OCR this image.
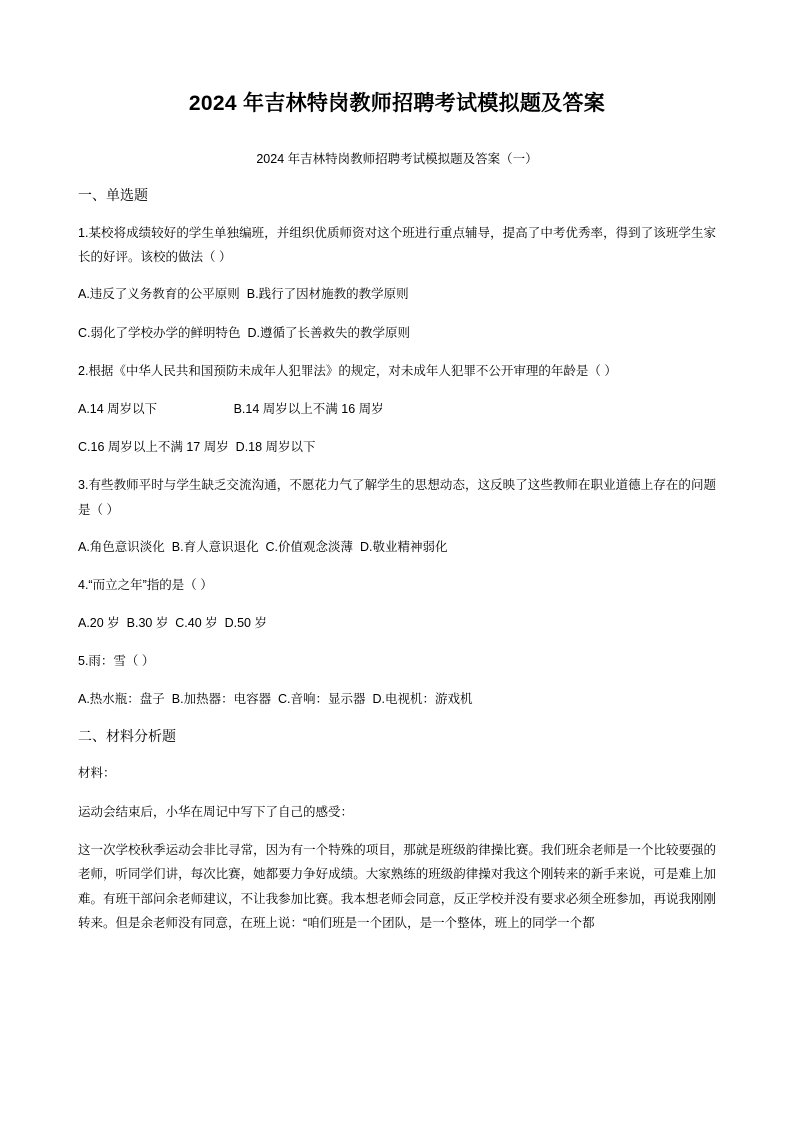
2024 年吉林特岗教师招聘考试模拟题及答案
2024 年吉林特岗教师招聘考试模拟题及答案（一）
一、单选题
1.某校将成绩较好的学生单独编班，并组织优质师资对这个班进行重点辅导，提高了中考优秀率，得到了该班学生家长的好评。该校的做法（ ）
A.违反了义务教育的公平原则  B.践行了因材施教的教学原则
C.弱化了学校办学的鲜明特色  D.遵循了长善救失的教学原则
2.根据《中华人民共和国预防未成年人犯罪法》的规定，对未成年人犯罪不公开审理的年龄是（ ）
A.14 周岁以下                      B.14 周岁以上不满 16 周岁
C.16 周岁以上不满 17 周岁  D.18 周岁以下
3.有些教师平时与学生缺乏交流沟通，不愿花力气了解学生的思想动态，这反映了这些教师在职业道德上存在的问题是（ ）
A.角色意识淡化  B.育人意识退化  C.价值观念淡薄  D.敬业精神弱化
4.“而立之年”指的是（ ）
A.20 岁  B.30 岁  C.40 岁  D.50 岁
5.雨：雪（ ）
A.热水瓶：盘子  B.加热器：电容器  C.音响：显示器  D.电视机：游戏机
二、材料分析题
材料：
运动会结束后，小华在周记中写下了自己的感受：
这一次学校秋季运动会非比寻常，因为有一个特殊的项目，那就是班级韵律操比赛。我们班余老师是一个比较要强的老师，听同学们讲，每次比赛，她都要力争好成绩。大家熟练的班级韵律操对我这个刚转来的新手来说，可是难上加难。有班干部问余老师建议，不让我参加比赛。我本想老师会同意，反正学校并没有要求必须全班参加，再说我刚刚转来。但是余老师没有同意，在班上说：“咱们班是一个团队，是一个整体，班上的同学一个都
